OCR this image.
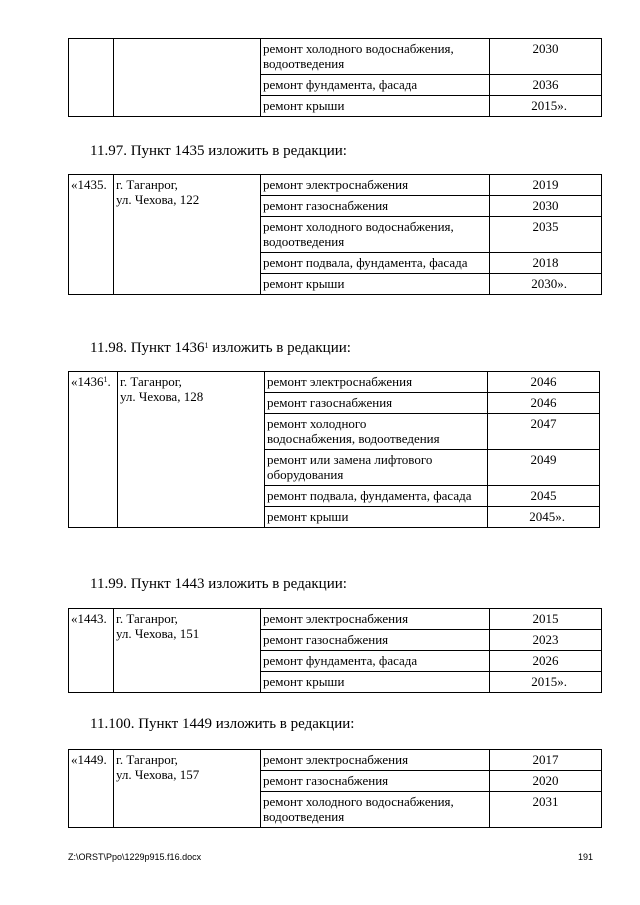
		ремонт холодного водоснабжения, водоотведения	2030
		ремонт фундамента, фасада	2036
		ремонт крыши	2015».
11.97. Пункт 1435 изложить в редакции:
«1435.	г. Таганрог,
ул. Чехова, 122	ремонт электроснабжения	2019
		ремонт газоснабжения	2030
		ремонт холодного водоснабжения, водоотведения	2035
		ремонт подвала, фундамента, фасада	2018
		ремонт крыши	2030».
11.98. Пункт 1436$^1$ изложить в редакции:
«1436$^1$.	г. Таганрог,
ул. Чехова, 128	ремонт электроснабжения	2046
		ремонт газоснабжения	2046
		ремонт холодного водоснабжения, водоотведения	2047
		ремонт или замена лифтового оборудования	2049
		ремонт подвала, фундамента, фасада	2045
		ремонт крыши	2045».
11.99. Пункт 1443 изложить в редакции:
«1443.	г. Таганрог,
ул. Чехова, 151	ремонт электроснабжения	2015
		ремонт газоснабжения	2023
		ремонт фундамента, фасада	2026
		ремонт крыши	2015».
11.100. Пункт 1449 изложить в редакции:
«1449.	г. Таганрог,
ул. Чехова, 157	ремонт электроснабжения	2017
		ремонт газоснабжения	2020
		ремонт холодного водоснабжения, водоотведения	2031
Z:\ORST\Ppo\1229p915.f16.docx	191
